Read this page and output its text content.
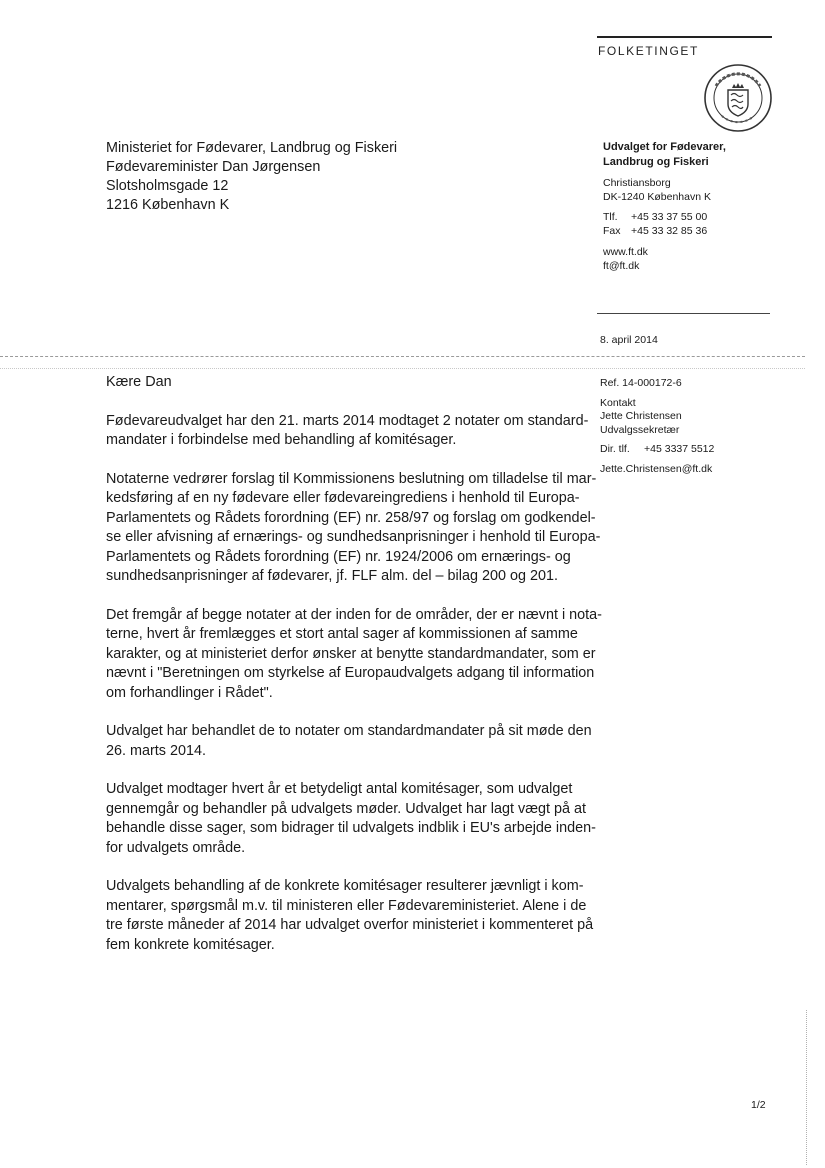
FOLKETINGET
Ministeriet for Fødevarer, Landbrug og Fiskeri
Fødevareminister Dan Jørgensen
Slotsholmsgade 12
1216 København K
Udvalget for Fødevarer,
Landbrug og Fiskeri
Christiansborg
DK-1240 København K
Tlf. +45 33 37 55 00
Fax +45 33 32 85 36
www.ft.dk
ft@ft.dk
8. april 2014
Ref. 14-000172-6
Kontakt
Jette Christensen
Udvalgssekretær
Dir. tlf. +45 3337 5512
Jette.Christensen@ft.dk
Kære Dan
Fødevareudvalget har den 21. marts 2014 modtaget 2 notater om standard-
mandater i forbindelse med behandling af komitésager.
Notaterne vedrører forslag til Kommissionens beslutning om tilladelse til mar-
kedsføring af en ny fødevare eller fødevareingrediens i henhold til Europa-
Parlamentets og Rådets forordning (EF) nr. 258/97 og forslag om godkendel-
se eller afvisning af ernærings- og sundhedsanprisninger i henhold til Europa-
Parlamentets og Rådets forordning (EF) nr. 1924/2006 om ernærings- og
sundhedsanprisninger af fødevarer, jf. FLF alm. del – bilag 200 og 201.
Det fremgår af begge notater at der inden for de områder, der er nævnt i nota-
terne, hvert år fremlægges et stort antal sager af kommissionen af samme
karakter, og at ministeriet derfor ønsker at benytte standardmandater, som er
nævnt i "Beretningen om styrkelse af Europaudvalgets adgang til information
om forhandlinger i Rådet".
Udvalget har behandlet de to notater om standardmandater på sit møde den
26. marts 2014.
Udvalget modtager hvert år et betydeligt antal komitésager, som udvalget
gennemgår og behandler på udvalgets møder. Udvalget har lagt vægt på at
behandle disse sager, som bidrager til udvalgets indblik i EU's arbejde inden-
for udvalgets område.
Udvalgets behandling af de konkrete komitésager resulterer jævnligt i kom-
mentarer, spørgsmål m.v. til ministeren eller Fødevareministeriet. Alene i de
tre første måneder af 2014 har udvalget overfor ministeriet i kommenteret på
fem konkrete komitésager.
1/2
